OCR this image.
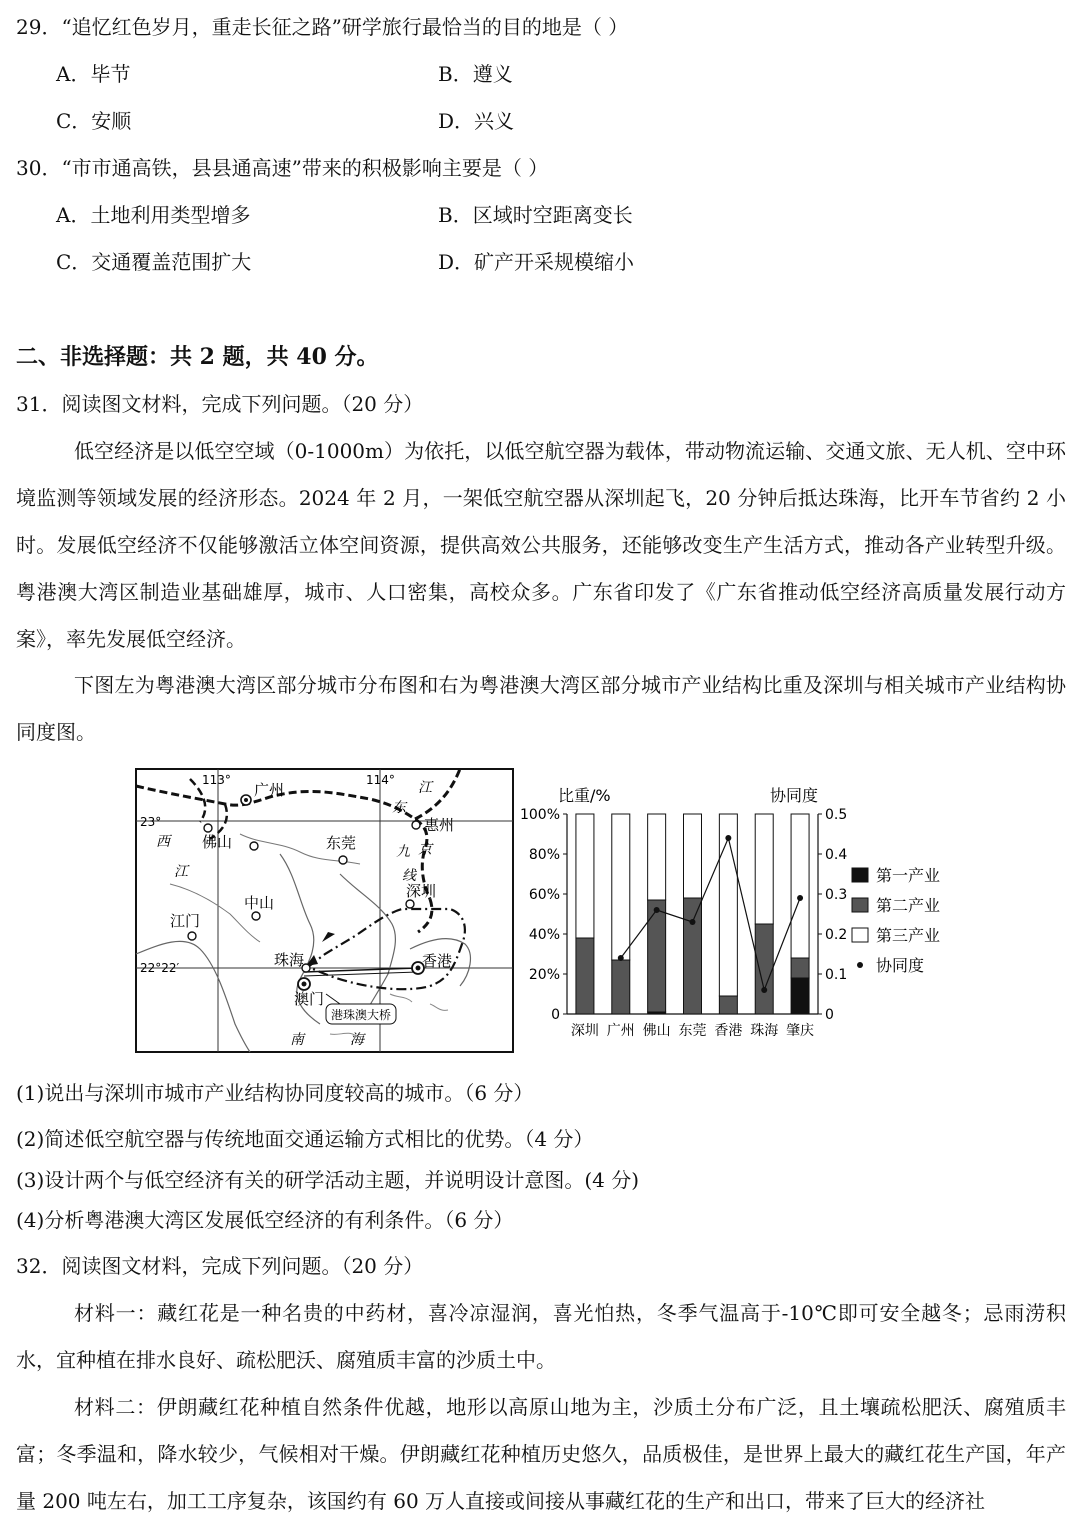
29．“追忆红色岁月，重走长征之路”研学旅行最恰当的目的地是（ ）
A．毕节	B．遵义
C．安顺	D．兴义
30．“市市通高铁，县县通高速”带来的积极影响主要是（ ）
A．土地利用类型增多	B．区域时空距离变长
C．交通覆盖范围扩大	D．矿产开采规模缩小
二、非选择题：共 2 题，共 40 分。
31．阅读图文材料，完成下列问题。（20 分）
低空经济是以低空空域（0-1000m）为依托，以低空航空器为载体，带动物流运输、交通文旅、无人机、空中环境监测等领域发展的经济形态。2024 年 2 月，一架低空航空器从深圳起飞，20 分钟后抵达珠海，比开车节省约 2 小时。发展低空经济不仅能够激活立体空间资源，提供高效公共服务，还能够改变生产生活方式，推动各产业转型升级。粤港澳大湾区制造业基础雄厚，城市、人口密集，高校众多。广东省印发了《广东省推动低空经济高质量发展行动方案》，率先发展低空经济。
下图左为粤港澳大湾区部分城市分布图和右为粤港澳大湾区部分城市产业结构比重及深圳与相关城市产业结构协同度图。
113°	114°
23°
22°22′
广州
佛山	东莞
惠州
江门
中山
深圳
珠海	香港
澳门
西
江
东
江
京
九
线
港珠澳大桥
南	海
比重/%	协同度
0
20%
40%
60%
80%
100%
0
0.1
0.2
0.3
0.4
0.5
深圳 广州 佛山 东莞 香港 珠海 肇庆
第一产业
第二产业
第三产业
协同度
(1)说出与深圳市城市产业结构协同度较高的城市。（6 分）
(2)简述低空航空器与传统地面交通运输方式相比的优势。（4 分）
(3)设计两个与低空经济有关的研学活动主题，并说明设计意图。(4 分)
(4)分析粤港澳大湾区发展低空经济的有利条件。（6 分）
32．阅读图文材料，完成下列问题。（20 分）
材料一：藏红花是一种名贵的中药材，喜冷凉湿润，喜光怕热，冬季气温高于-10℃即可安全越冬；忌雨涝积水，宜种植在排水良好、疏松肥沃、腐殖质丰富的沙质土中。
材料二：伊朗藏红花种植自然条件优越，地形以高原山地为主，沙质土分布广泛，且土壤疏松肥沃、腐殖质丰富；冬季温和，降水较少，气候相对干燥。伊朗藏红花种植历史悠久，品质极佳，是世界上最大的藏红花生产国，年产量 200 吨左右，加工工序复杂，该国约有 60 万人直接或间接从事藏红花的生产和出口，带来了巨大的经济社
